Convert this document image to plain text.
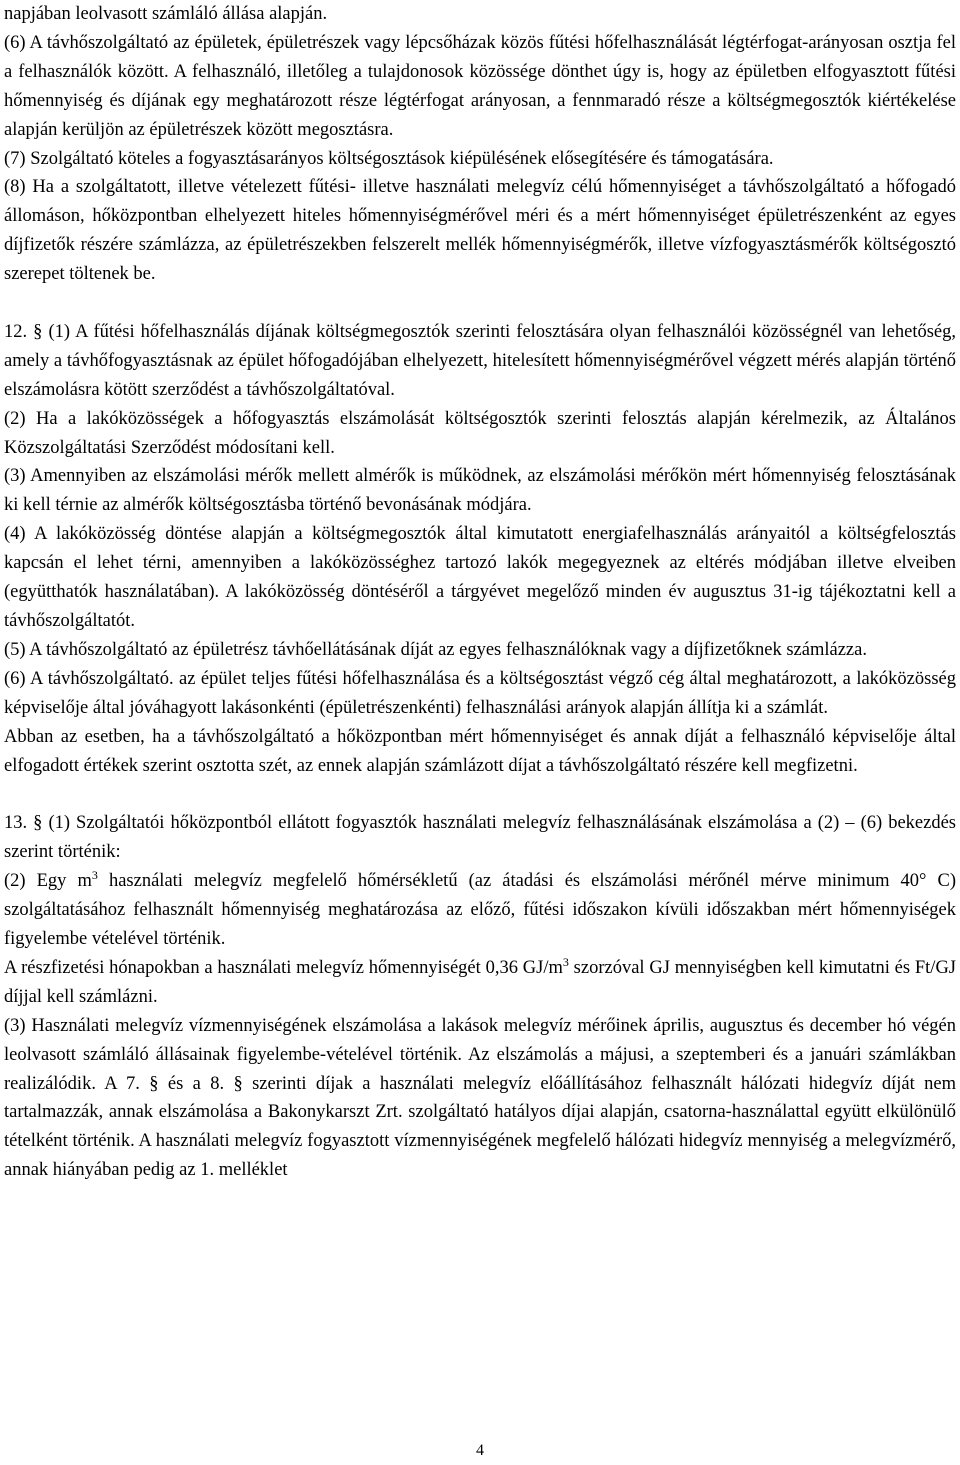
napjában leolvasott számláló állása alapján.

(6) A távhőszolgáltató az épületek, épületrészek vagy lépcsőházak közös fűtési hőfelhasználását légtérfogat-arányosan osztja fel a felhasználók között. A felhasználó, illetőleg a tulajdonosok közössége dönthet úgy is, hogy az épületben elfogyasztott fűtési hőmennyiség és díjának egy meghatározott része légtérfogat arányosan, a fennmaradó része a költségmegosztók kiértékelése alapján kerüljön az épületrészek között megosztásra.

(7) Szolgáltató köteles a fogyasztásarányos költségosztások kiépülésének elősegítésére és támogatására.

(8) Ha a szolgáltatott, illetve vételezett fűtési- illetve használati melegvíz célú hőmennyiséget a távhőszolgáltató a hőfogadó állomáson, hőközpontban elhelyezett hiteles hőmennyiségmérővel méri és a mért hőmennyiséget épületrészenként az egyes díjfizetők részére számlázza, az épületrészekben felszerelt mellék hőmennyiségmérők, illetve vízfogyasztásmérők költségosztó szerepet töltenek be.

12. § (1) A fűtési hőfelhasználás díjának költségmegosztók szerinti felosztására olyan felhasználói közösségnél van lehetőség, amely a távhőfogyasztásnak az épület hőfogadójában elhelyezett, hitelesített hőmennyiségmérővel végzett mérés alapján történő elszámolásra kötött szerződést a távhőszolgáltatóval.

(2) Ha a lakóközösségek a hőfogyasztás elszámolását költségosztók szerinti felosztás alapján kérelmezik, az Általános Közszolgáltatási Szerződést módosítani kell.

(3) Amennyiben az elszámolási mérők mellett almérők is működnek, az elszámolási mérőkön mért hőmennyiség felosztásának ki kell térnie az almérők költségosztásba történő bevonásának módjára.

(4) A lakóközösség döntése alapján a költségmegosztók által kimutatott energiafelhasználás arányaitól a költségfelosztás kapcsán el lehet térni, amennyiben a lakóközösséghez tartozó lakók megegyeznek az eltérés módjában illetve elveiben (együtthatók használatában). A lakóközösség döntéséről a tárgyévet megelőző minden év augusztus 31-ig tájékoztatni kell a távhőszolgáltatót.

(5) A távhőszolgáltató az épületrész távhőellátásának díját az egyes felhasználóknak vagy a díjfizetőknek számlázza.

(6) A távhőszolgáltató. az épület teljes fűtési hőfelhasználása és a költségosztást végző cég által meghatározott, a lakóközösség képviselője által jóváhagyott lakásonkénti (épületrészenkénti) felhasználási arányok alapján állítja ki a számlát.

Abban az esetben, ha a távhőszolgáltató a hőközpontban mért hőmennyiséget és annak díját a felhasználó képviselője által elfogadott értékek szerint osztotta szét, az ennek alapján számlázott díjat a távhőszolgáltató részére kell megfizetni.

13. § (1) Szolgáltatói hőközpontból ellátott fogyasztók használati melegvíz felhasználásának elszámolása a (2) – (6) bekezdés szerint történik:

(2) Egy $m^3$ használati melegvíz megfelelő hőmérsékletű (az átadási és elszámolási mérőnél mérve minimum 40° C) szolgáltatásához felhasznált hőmennyiség meghatározása az előző, fűtési időszakon kívüli időszakban mért hőmennyiségek figyelembe vételével történik.

A részfizetési hónapokban a használati melegvíz hőmennyiségét 0,36 $GJ/m^3$ szorzóval GJ mennyiségben kell kimutatni és Ft/GJ díjjal kell számlázni.

(3) Használati melegvíz vízmennyiségének elszámolása a lakások melegvíz mérőinek április, augusztus és december hó végén leolvasott számláló állásainak figyelembe-vételével történik. Az elszámolás a májusi, a szeptemberi és a januári számlákban realizálódik. A 7. § és a 8. § szerinti díjak a használati melegvíz előállításához felhasznált hálózati hidegvíz díját nem tartalmazzák, annak elszámolása a Bakonykarszt Zrt. szolgáltató hatályos díjai alapján, csatorna-használattal együtt elkülönülő tételként történik. A használati melegvíz fogyasztott vízmennyiségének megfelelő hálózati hidegvíz mennyiség a melegvízmérő, annak hiányában pedig az 1. melléklet

4
